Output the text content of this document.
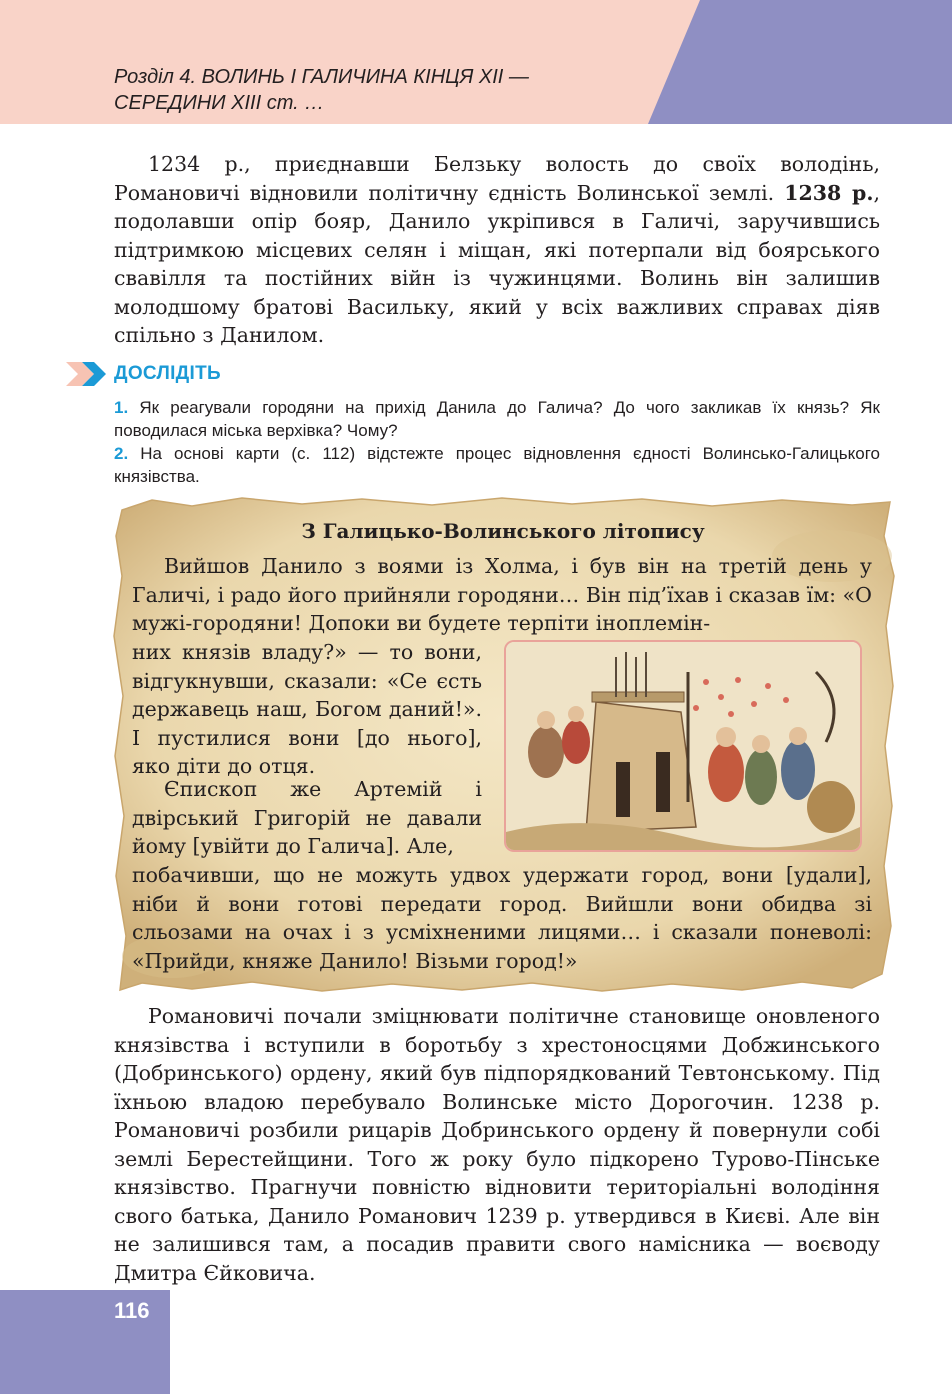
Розділ 4. ВОЛИНЬ І ГАЛИЧИНА КІНЦЯ XII —
СЕРЕДИНИ XIII ст. …

1234 р., приєднавши Белзьку волость до своїх володінь, Романовичі відновили політичну єдність Волинської землі. 1238 р., подолавши опір бояр, Данило укріпився в Галичі, заручившись підтримкою місцевих селян і міщан, які потерпали від боярського свавілля та постійних війн із чужинцями. Волинь він залишив молодшому братові Васильку, який у всіх важливих справах діяв спільно з Данилом.

ДОСЛІДІТЬ

1. Як реагували городяни на прихід Данила до Галича? До чого закликав їх князь? Як поводилася міська верхівка? Чому?

2. На основі карти (с. 112) відстежте процес відновлення єдності Волинсько-Галицького князівства.

З Галицько-Волинського літопису

Вийшов Данило з воями із Холма, і був він на третій день у Галичі, і радо його прийняли городяни… Він під’їхав і сказав їм: «О мужі-городяни! Допоки ви будете терпіти іноплемін-

них князів владу?» — то вони, відгукнувши, сказали: «Се єсть державець наш, Богом даний!». І пустилися вони [до нього], яко діти до отця.

Єпископ же Артемій і двірський Григорій не давали йому [увійти до Галича]. Але,

побачивши, що не можуть удвох удержати город, вони [удали], ніби й вони готові передати город. Вийшли вони обидва зі сльозами на очах і з усміхненими лицями… і сказали поневолі: «Прийди, княже Данило! Візьми город!»

Романовичі почали зміцнювати політичне становище оновленого князівства і вступили в боротьбу з хрестоносцями Добжинського (Добринського) ордену, який був підпорядкований Тевтонському. Під їхньою владою перебувало Волинське місто Дорогочин. 1238 р. Романовичі розбили рицарів Добринського ордену й повернули собі землі Берестейщини. Того ж року було підкорено Турово-Пінське князівство. Прагнучи повністю відновити територіальні володіння свого батька, Данило Романович 1239 р. утвердився в Києві. Але він не залишився там, а посадив правити свого намісника — воєводу Дмитра Єйковича.

116
